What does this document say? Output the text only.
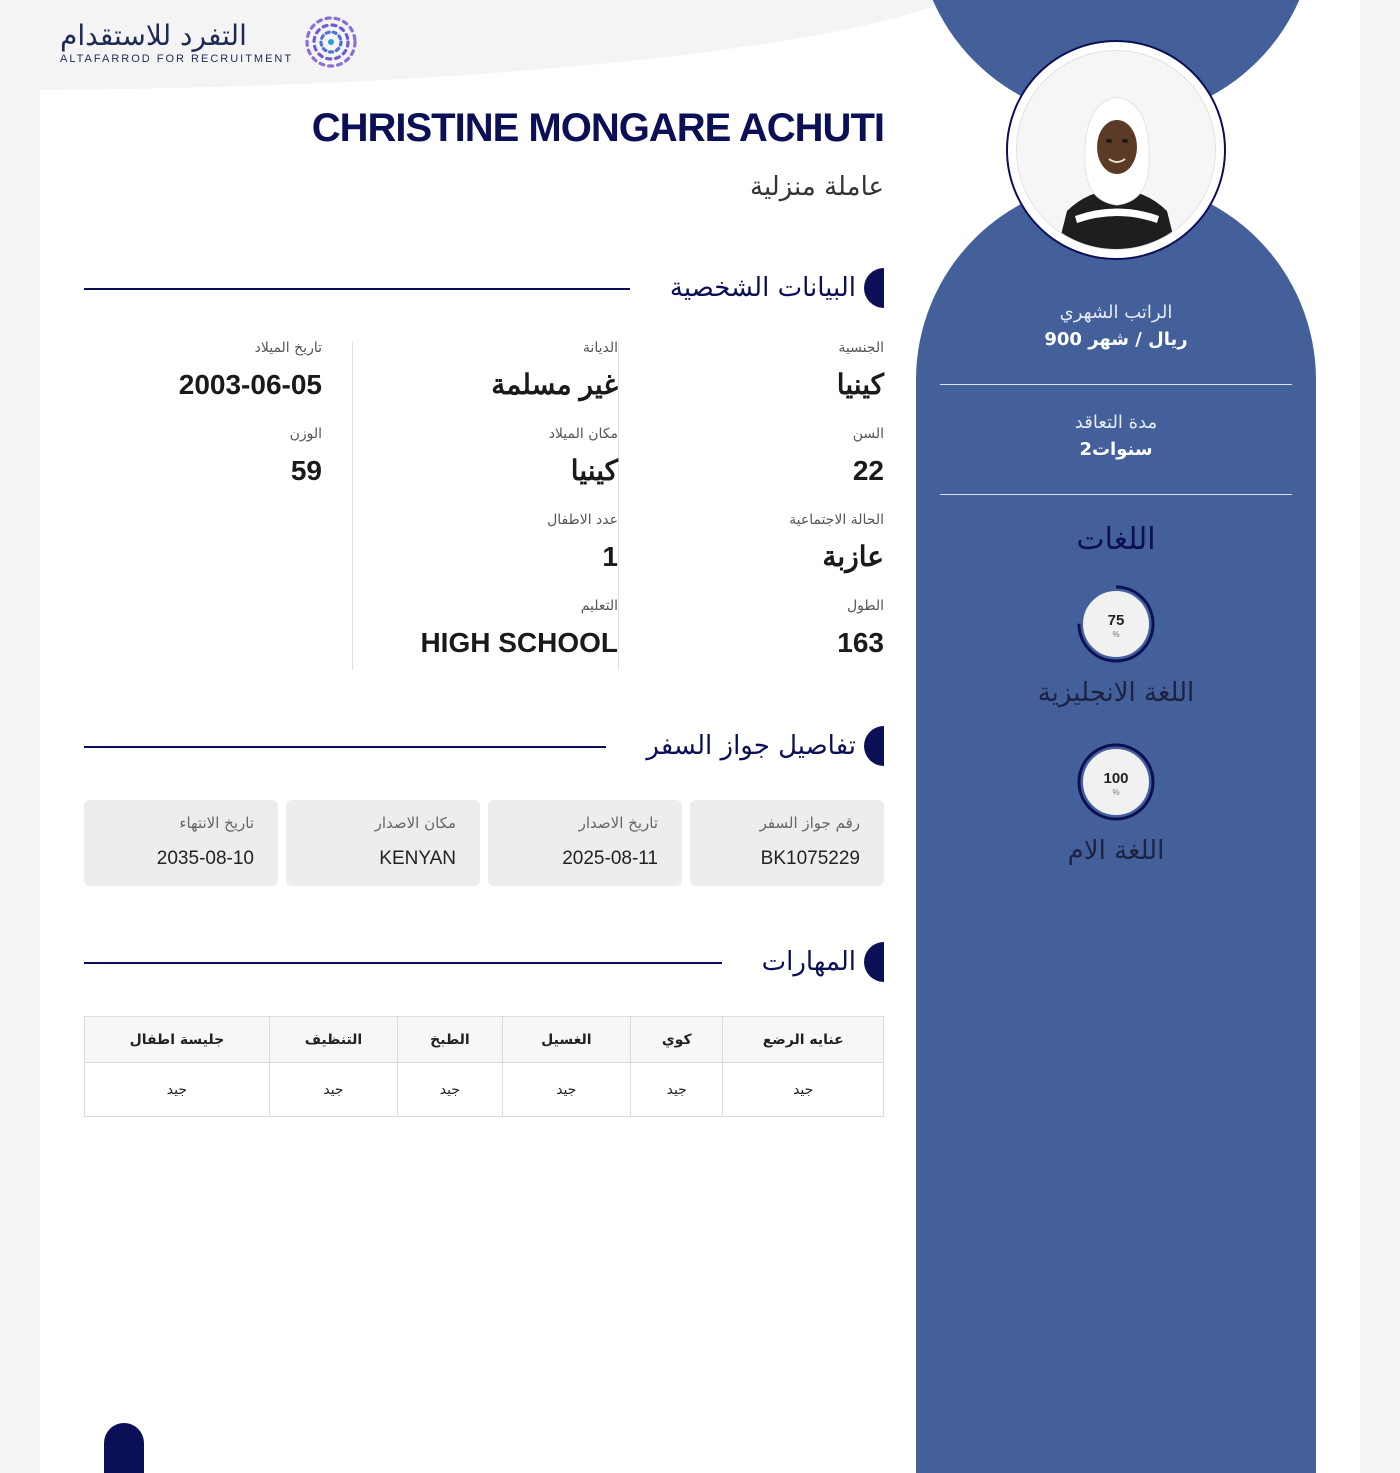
التفرد للاستقدام
ALTAFARROD FOR RECRUITMENT
الراتب الشهري
900 ريال / شهر
مدة التعاقد
2سنوات
اللغات
75
%
اللغة الانجليزية
100
%
اللغة الام
CHRISTINE MONGARE ACHUTI
عاملة منزلية
البيانات الشخصية
الجنسية
كينيا
السن
22
الحالة الاجتماعية
عازبة
الطول
163
الديانة
غير مسلمة
مكان الميلاد
كينيا
عدد الاطفال
1
التعليم
HIGH SCHOOL
تاريخ الميلاد
2003-06-05
الوزن
59
تفاصيل جواز السفر
رقم جواز السفر
BK1075229
تاريخ الاصدار
2025-08-11
مكان الاصدار
KENYAN
تاريخ الانتهاء
2035-08-10
المهارات
عنايه الرضع	كوي	الغسيل	الطبخ	التنظيف	جليسة اطفال
جيد	جيد	جيد	جيد	جيد	جيد
